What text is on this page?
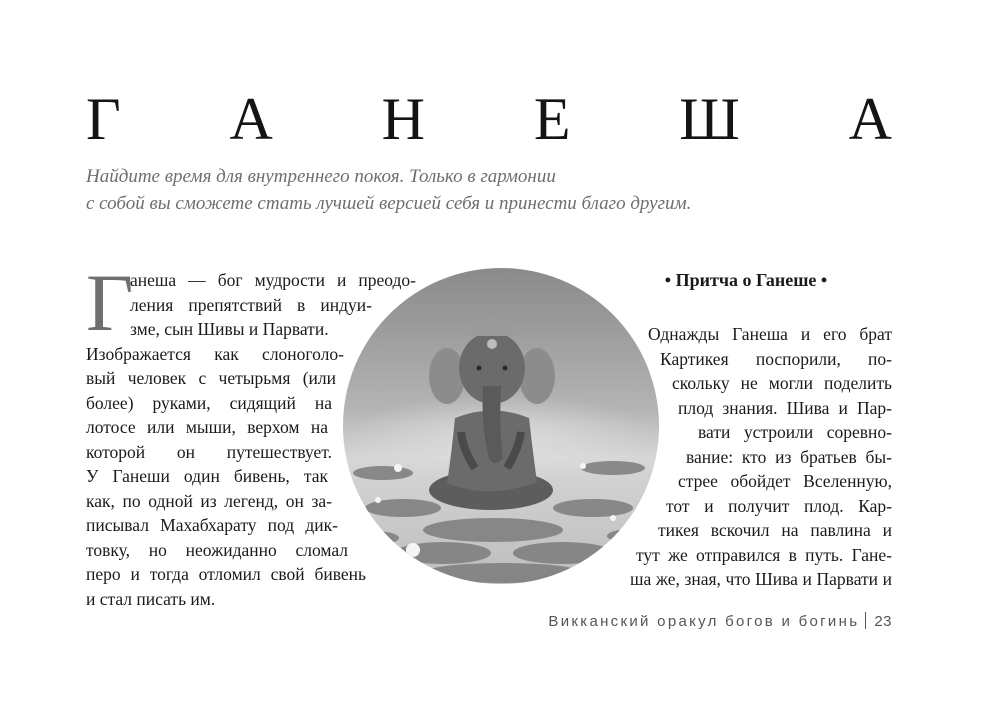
Г А Н Е Ш А
Найдите время для внутреннего покоя. Только в гармонии
с собой вы сможете стать лучшей версией себя и принести благо другим.
Г
анеша — бог мудрости и преодо-
ления препятствий в индуи-
зме, сын Шивы и Парвати.
Изображается как слоноголо-
вый человек с четырьмя (или
более) руками, сидящий на
лотосе или мыши, верхом на
которой он путешествует.
У Ганеши один бивень, так
как, по одной из легенд, он за-
писывал Махабхарату под дик-
товку, но неожиданно сломал
перо и тогда отломил свой бивень
и стал писать им.
• Притча о Ганеше •
Однажды Ганеша и его брат
Картикея поспорили, по-
скольку не могли поделить
плод знания. Шива и Пар-
вати устроили соревно-
вание: кто из братьев бы-
стрее обойдет Вселенную,
тот и получит плод. Кар-
тикея вскочил на павлина и
тут же отправился в путь. Гане-
ша же, зная, что Шива и Парвати и
Викканский оракул богов и богинь 23
